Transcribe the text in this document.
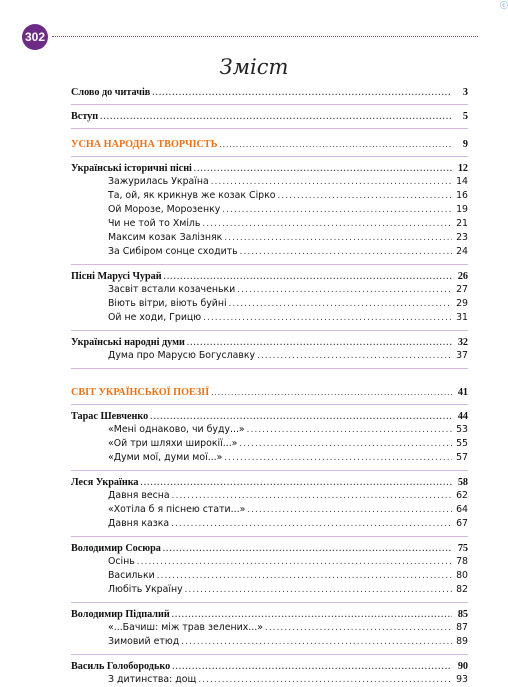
ⓒ
302
Зміст
Слово до читачів .....	3
Вступ .....	5
УСНА НАРОДНА ТВОРЧІСТЬ .....	9
Українські історичні пісні .....	12
Зажурилась Україна .....	14
Та, ой, як крикнув же козак Сірко .....	16
Ой Морозе, Морозенку .....	19
Чи не той то Хміль .....	21
Максим козак Залізняк .....	23
За Сибіром сонце сходить .....	24
Пісні Марусі Чурай .....	26
Засвіт встали козаченьки .....	27
Віють вітри, віють буйні .....	29
Ой не ходи, Грицю .....	31
Українські народні думи .....	32
Дума про Марусю Богуславку .....	37
СВІТ УКРАЇНСЬКОЇ ПОЕЗІЇ .....	41
Тарас Шевченко .....	44
«Мені однаково, чи буду...» .....	53
«Ой три шляхи широкії...» .....	55
«Думи мої, думи мої...» .....	57
Леся Українка .....	58
Давня весна .....	62
«Хотіла б я піснею стати...» .....	64
Давня казка .....	67
Володимир Сосюра .....	75
Осінь .....	78
Васильки .....	80
Любіть Україну .....	82
Володимир Підпалий .....	85
«...Бачиш: між трав зелених...» .....	87
Зимовий етюд .....	89
Василь Голобородько .....	90
З дитинства: дощ .....	93
